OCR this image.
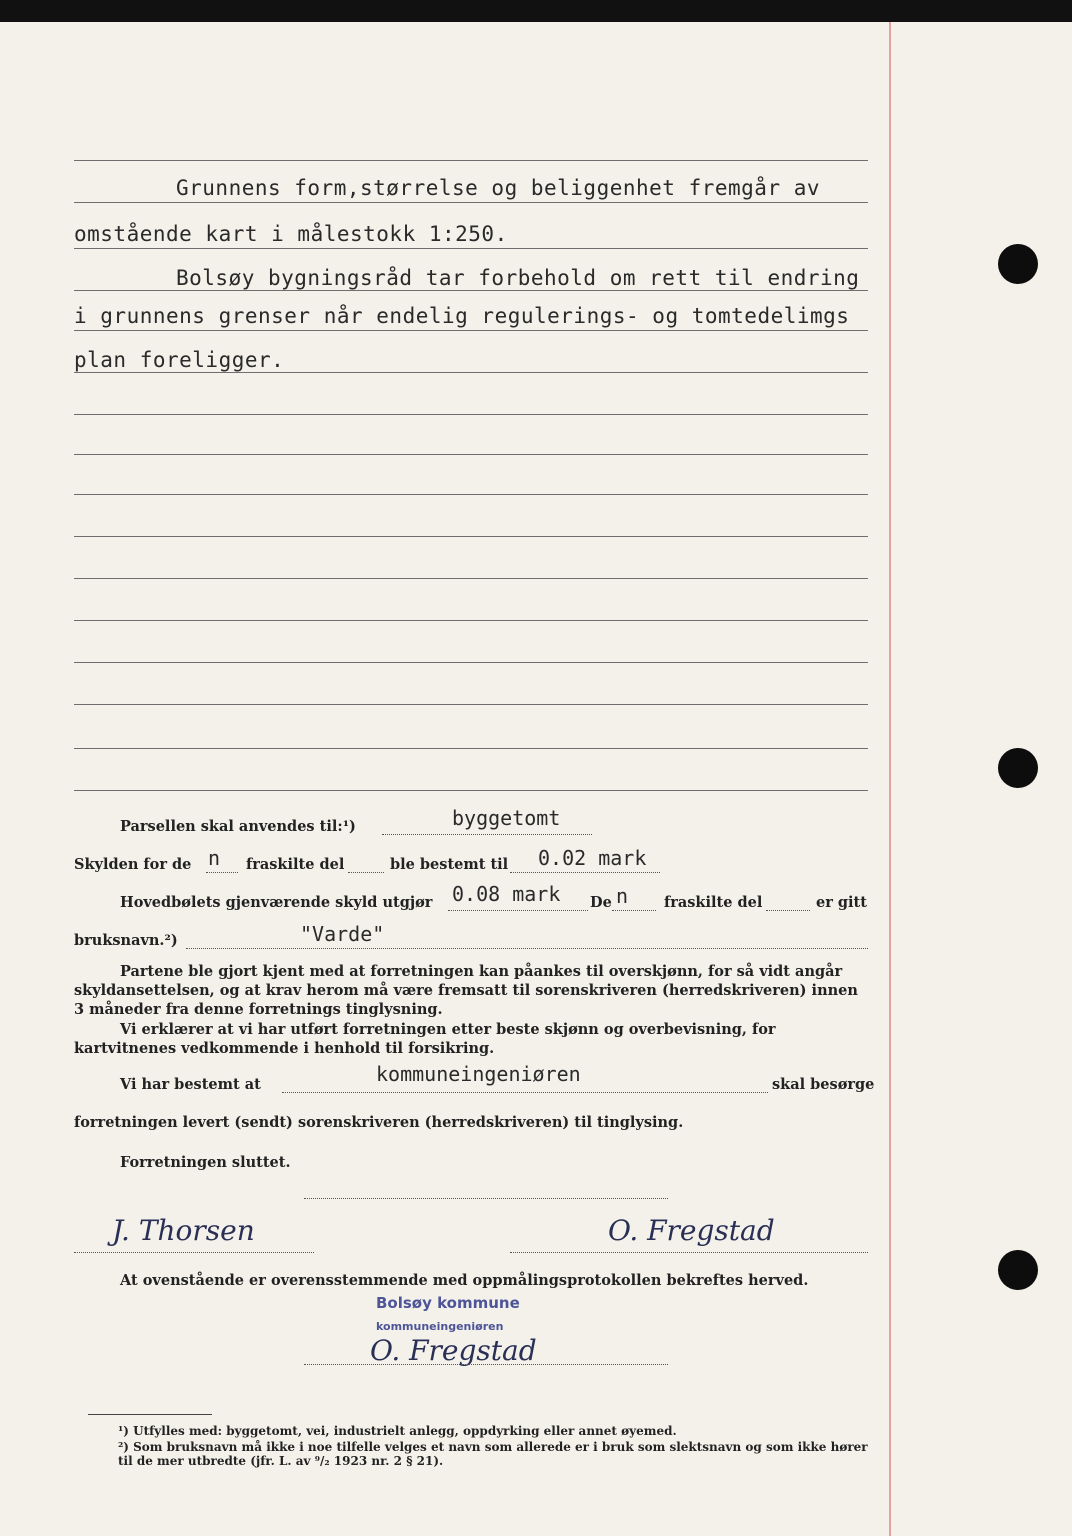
Grunnens form,størrelse og beliggenhet fremgår av
omstående kart i målestokk 1:250.
Bolsøy bygningsråd tar forbehold om rett til endring
i grunnens grenser når endelig regulerings- og tomtedelimgs
plan foreligger.
Parsellen skal anvendes til:¹)	byggetomt
Skylden for de n fraskilte del	ble bestemt til 0.02 mark
Hovedbølets gjenværende skyld utgjør 0.08 mark De n fraskilte del	er gitt
bruksnavn.²)	"Varde"
Partene ble gjort kjent med at forretningen kan påankes til overskjønn, for så vidt angår skyldansettelsen, og at krav herom må være fremsatt til sorenskriveren (herredskriveren) innen 3 måneder fra denne forretnings tinglysning.
Vi erklærer at vi har utført forretningen etter beste skjønn og overbevisning, for kartvitnenes vedkommende i henhold til forsikring.
Vi har bestemt at	kommuneingeniøren	skal besørge
forretningen levert (sendt) sorenskriveren (herredskriveren) til tinglysing.
Forretningen sluttet.
J. Thorsen	O. Fregstad
At ovenstående er overensstemmende med oppmålingsprotokollen bekreftes herved.
Bolsøy kommune
kommuneingeniøren
O. Fregstad
¹) Utfylles med: byggetomt, vei, industrielt anlegg, oppdyrking eller annet øyemed.
²) Som bruksnavn må ikke i noe tilfelle velges et navn som allerede er i bruk som slektsnavn og som ikke hører til de mer utbredte (jfr. L. av ⁹/₂ 1923 nr. 2 § 21).
